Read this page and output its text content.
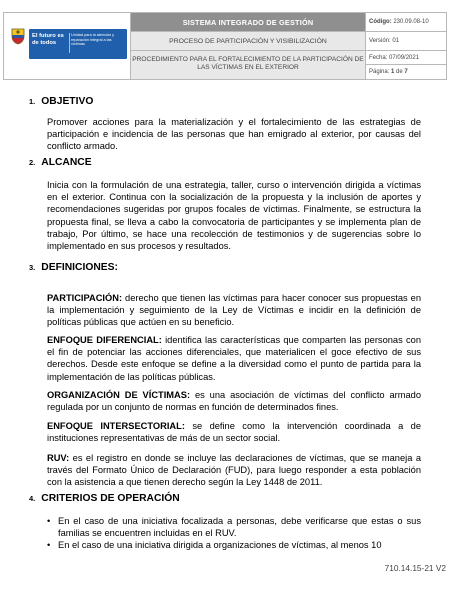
El futuro es de todos
Unidad para la atención y reparación integral a las víctimas
SISTEMA INTEGRADO DE GESTIÓN
PROCESO DE PARTICIPACIÓN Y VISIBILIZACIÓN
PROCEDIMIENTO PARA EL FORTALECIMIENTO DE LA PARTICIPACIÓN DE LAS VÍCTIMAS EN EL EXTERIOR
Código: 230.09.08-10
Versión: 01
Fecha: 07/09/2021
Página: 1 de 7
1. OBJETIVO
Promover acciones para la materialización y el fortalecimiento de las estrategias de participación e incidencia de las personas que han emigrado al exterior, por causas del conflicto armado.
2. ALCANCE
Inicia con la formulación de una estrategia, taller, curso o intervención dirigida a víctimas en el exterior. Continua con la socialización de la propuesta y la inclusión de aportes y recomendaciones sugeridas por grupos focales de víctimas. Finalmente, se estructura la propuesta final, se lleva a cabo la convocatoria de participantes y se implementa plan de trabajo, Por último, se hace una recolección de testimonios y de sugerencias sobre lo implementado en sus procesos y resultados.
3. DEFINICIONES:
PARTICIPACIÓN: derecho que tienen las víctimas para hacer conocer sus propuestas en la implementación y seguimiento de la Ley de Víctimas e incidir en la definición de políticas públicas que actúen en su beneficio.
ENFOQUE DIFERENCIAL: identifica las características que comparten las personas con el fin de potenciar las acciones diferenciales, que materialicen el goce efectivo de sus derechos. Desde este enfoque se define a la diversidad como el punto de partida para la implementación de las políticas públicas.
ORGANIZACIÓN DE VÍCTIMAS: es una asociación de víctimas del conflicto armado regulada por un conjunto de normas en función de determinados fines.
ENFOQUE INTERSECTORIAL: se define como la intervención coordinada a de instituciones representativas de más de un sector social.
RUV: es el registro en donde se incluye las declaraciones de víctimas, que se maneja a través del Formato Único de Declaración (FUD), para luego responder a esta población con la asistencia a que tienen derecho según la Ley 1448 de 2011.
4. CRITERIOS DE OPERACIÓN
• En el caso de una iniciativa focalizada a personas, debe verificarse que estas o sus familias se encuentren incluidas en el RUV.
• En el caso de una iniciativa dirigida a organizaciones de víctimas, al menos 10
710.14.15-21 V2
